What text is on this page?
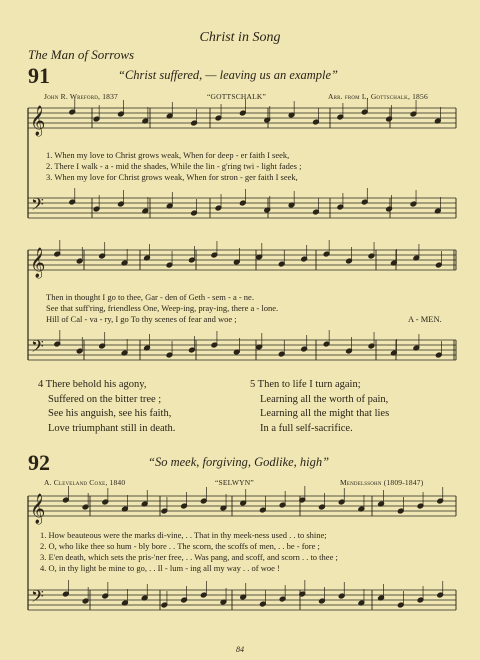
Christ in Song
The Man of Sorrows
91	“Christ suffered, — leaving us an example”
John R. Wreford, 1837	“GOTTSCHALK”	Arr. from L. Gottschalk, 1856
𝄞
𝄞
𝄞
𝄢
𝄢
𝄢
1. When my love to Christ grows weak, When for deep - er faith I seek,
2. There I walk - a - mid the shades, While the lin - g'ring twi - light fades ;
3. When my love for Christ grows weak, When for stron - ger faith I seek,
Then in thought I go to thee, Gar - den of Geth - sem - a - ne.
See that suff'ring, friendless One, Weep-ing, pray-ing, there a - lone.
Hill of Cal - va - ry, I go To thy scenes of fear and woe ;	A - MEN.
4 There behold his agony,
Suffered on the bitter tree ;
See his anguish, see his faith,
Love triumphant still in death.
5 Then to life I turn again;
Learning all the worth of pain,
Learning all the might that lies
In a full self-sacrifice.
92	“So meek, forgiving, Godlike, high”
A. Cleveland Coxe, 1840	“SELWYN”	Mendelssohn (1809-1847)
1. How beauteous were the marks di-vine, . . That in thy meek-ness used . . to shine;
2. O, who like thee so hum - bly bore . . The scorn, the scoffs of men, . . be - fore ;
3. E'en death, which sets the pris-'ner free, . . Was pang, and scoff, and scorn . . to thee ;
4. O, in thy light be mine to go, . . Il - lum - ing all my way . . of woe !
84
